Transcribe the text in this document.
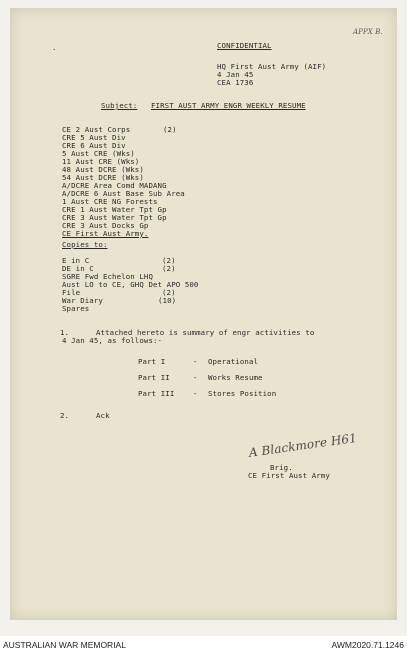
APPX B.
·	CONFIDENTIAL
HQ First Aust Army (AIF)
4 Jan 45
CEA 1736
Subject: FIRST AUST ARMY ENGR WEEKLY RESUME
CE 2 Aust Corps	(2)
CRE 5 Aust Div
CRE 6 Aust Div
5 Aust CRE (Wks)
11 Aust CRE (Wks)
48 Aust DCRE (Wks)
54 Aust DCRE (Wks)
A/DCRE Area Comd MADANG
A/DCRE 6 Aust Base Sub Area
1 Aust CRE NG Forests
CRE 1 Aust Water Tpt Gp
CRE 3 Aust Water Tpt Gp
CRE 3 Aust Docks Gp
CE First Aust Army.
Copies to:
E in C	(2)
DE in C	(2)
SGRE Fwd Echelon LHQ
Aust LO to CE, GHQ Det APO 500
File	(2)
War Diary	(10)
Spares
1.	Attached hereto is summary of engr activities to
4 Jan 45, as follows:-
Part I	- Operational
Part II	- Works Resume
Part III	- Stores Position
2.	Ack
A Blackmore H61
Brig.
CE First Aust Army
AUSTRALIAN WAR MEMORIAL	AWM2020.71.1246
